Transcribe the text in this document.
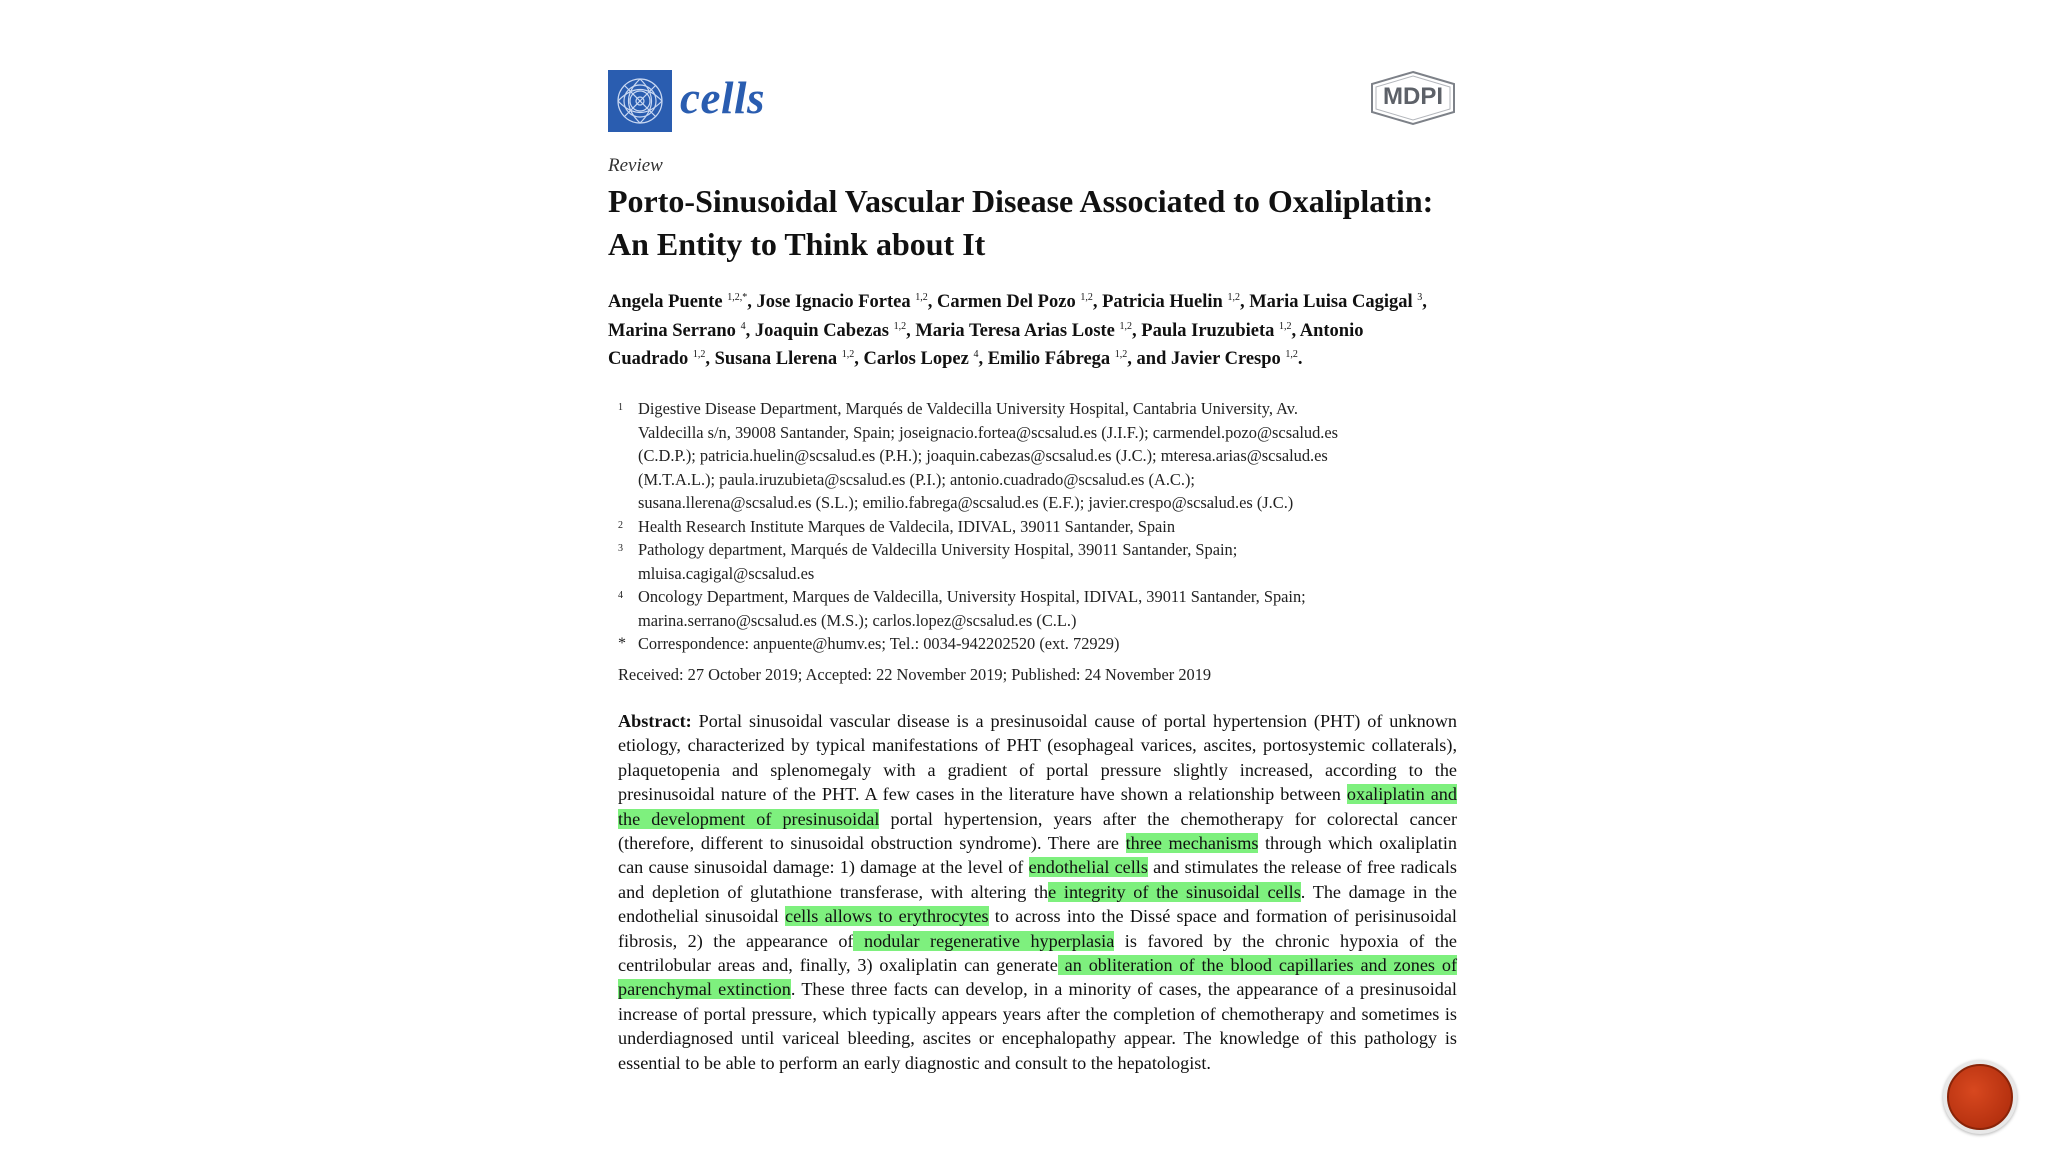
cells	MDPI
Review
Porto-Sinusoidal Vascular Disease Associated to Oxaliplatin: An Entity to Think about It
Angela Puente $^{1,2,*}$, Jose Ignacio Fortea $^{1,2}$, Carmen Del Pozo $^{1,2}$, Patricia Huelin $^{1,2}$, Maria Luisa Cagigal $^3$, Marina Serrano $^4$, Joaquin Cabezas $^{1,2}$, Maria Teresa Arias Loste $^{1,2}$, Paula Iruzubieta $^{1,2}$, Antonio Cuadrado $^{1,2}$, Susana Llerena $^{1,2}$, Carlos Lopez $^4$, Emilio Fábrega $^{1,2}$, and Javier Crespo $^{1,2}$.
1 Digestive Disease Department, Marqués de Valdecilla University Hospital, Cantabria University, Av.
Valdecilla s/n, 39008 Santander, Spain; joseignacio.fortea@scsalud.es (J.I.F.); carmendel.pozo@scsalud.es
(C.D.P.); patricia.huelin@scsalud.es (P.H.); joaquin.cabezas@scsalud.es (J.C.); mteresa.arias@scsalud.es
(M.T.A.L.); paula.iruzubieta@scsalud.es (P.I.); antonio.cuadrado@scsalud.es (A.C.);
susana.llerena@scsalud.es (S.L.); emilio.fabrega@scsalud.es (E.F.); javier.crespo@scsalud.es (J.C.)
2 Health Research Institute Marques de Valdecila, IDIVAL, 39011 Santander, Spain
3 Pathology department, Marqués de Valdecilla University Hospital, 39011 Santander, Spain;
mluisa.cagigal@scsalud.es
4 Oncology Department, Marques de Valdecilla, University Hospital, IDIVAL, 39011 Santander, Spain;
marina.serrano@scsalud.es (M.S.); carlos.lopez@scsalud.es (C.L.)
* Correspondence: anpuente@humv.es; Tel.: 0034-942202520 (ext. 72929)
Received: 27 October 2019; Accepted: 22 November 2019; Published: 24 November 2019
Abstract: Portal sinusoidal vascular disease is a presinusoidal cause of portal hypertension (PHT) of unknown etiology, characterized by typical manifestations of PHT (esophageal varices, ascites, portosystemic collaterals), plaquetopenia and splenomegaly with a gradient of portal pressure slightly increased, according to the presinusoidal nature of the PHT. A few cases in the literature have shown a relationship between oxaliplatin and the development of presinusoidal portal hypertension, years after the chemotherapy for colorectal cancer (therefore, different to sinusoidal obstruction syndrome). There are three mechanisms through which oxaliplatin can cause sinusoidal damage: 1) damage at the level of endothelial cells and stimulates the release of free radicals and depletion of glutathione transferase, with altering the integrity of the sinusoidal cells. The damage in the endothelial sinusoidal cells allows to erythrocytes to across into the Dissé space and formation of perisinusoidal fibrosis, 2) the appearance of nodular regenerative hyperplasia is favored by the chronic hypoxia of the centrilobular areas and, finally, 3) oxaliplatin can generate an obliteration of the blood capillaries and zones of parenchymal extinction. These three facts can develop, in a minority of cases, the appearance of a presinusoidal increase of portal pressure, which typically appears years after the completion of chemotherapy and sometimes is underdiagnosed until variceal bleeding, ascites or encephalopathy appear. The knowledge of this pathology is essential to be able to perform an early diagnostic and consult to the hepatologist.
